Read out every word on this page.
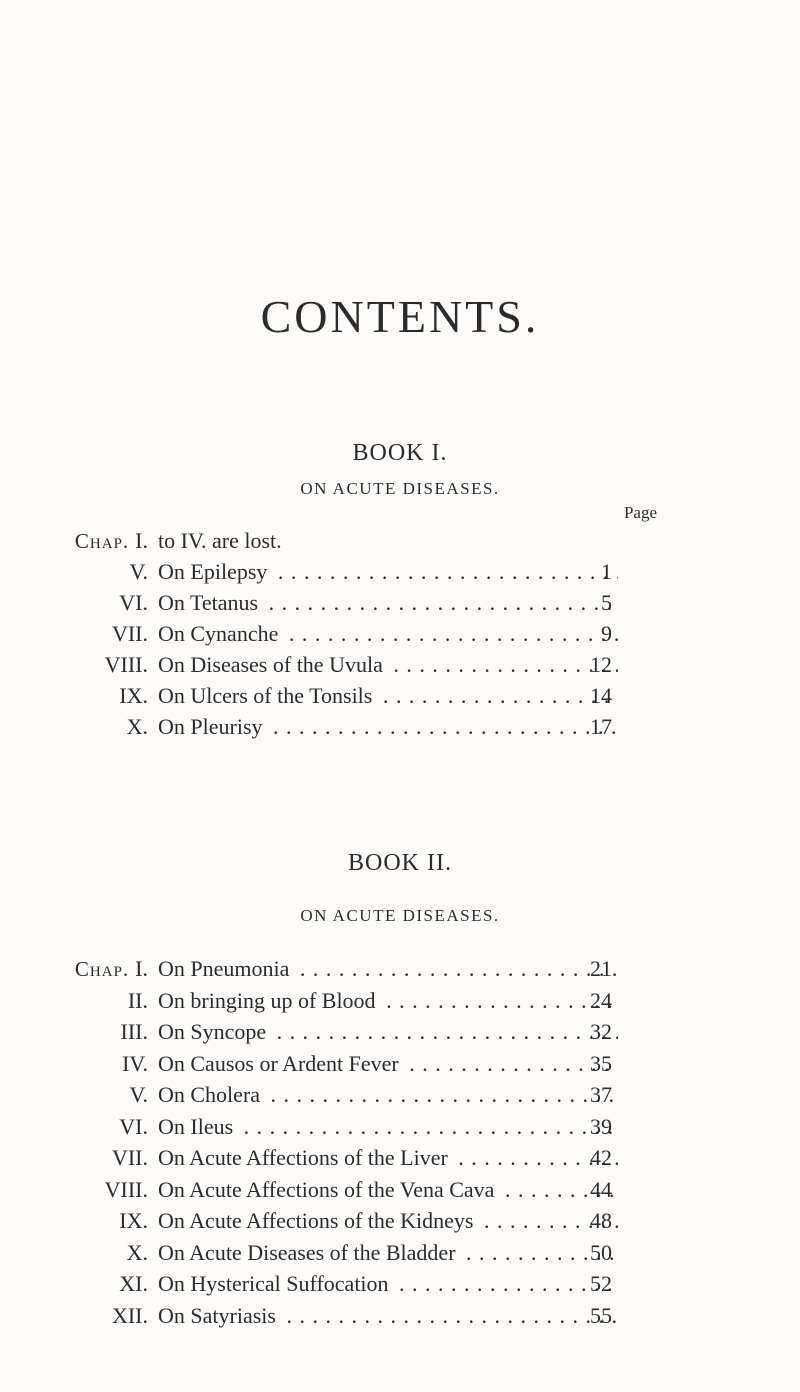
CONTENTS.
BOOK I.
ON ACUTE DISEASES.
Page
Chap. I. to IV. are lost.
V. On Epilepsy . . .	1
VI. On Tetanus . . .	5
VII. On Cynanche . . .	9
VIII. On Diseases of the Uvula . . .	12
IX. On Ulcers of the Tonsils . . .	14
X. On Pleurisy . . .	17
BOOK II.
ON ACUTE DISEASES.
Chap. I. On Pneumonia . . .	21
II. On bringing up of Blood . . .	24
III. On Syncope . . .	32
IV. On Causos or Ardent Fever . . .	35
V. On Cholera . . .	37
VI. On Ileus . . .	39
VII. On Acute Affections of the Liver . . .	42
VIII. On Acute Affections of the Vena Cava . . .	44
IX. On Acute Affections of the Kidneys . . .	48
X. On Acute Diseases of the Bladder . . .	50
XI. On Hysterical Suffocation . . .	52
XII. On Satyriasis . . .	55
